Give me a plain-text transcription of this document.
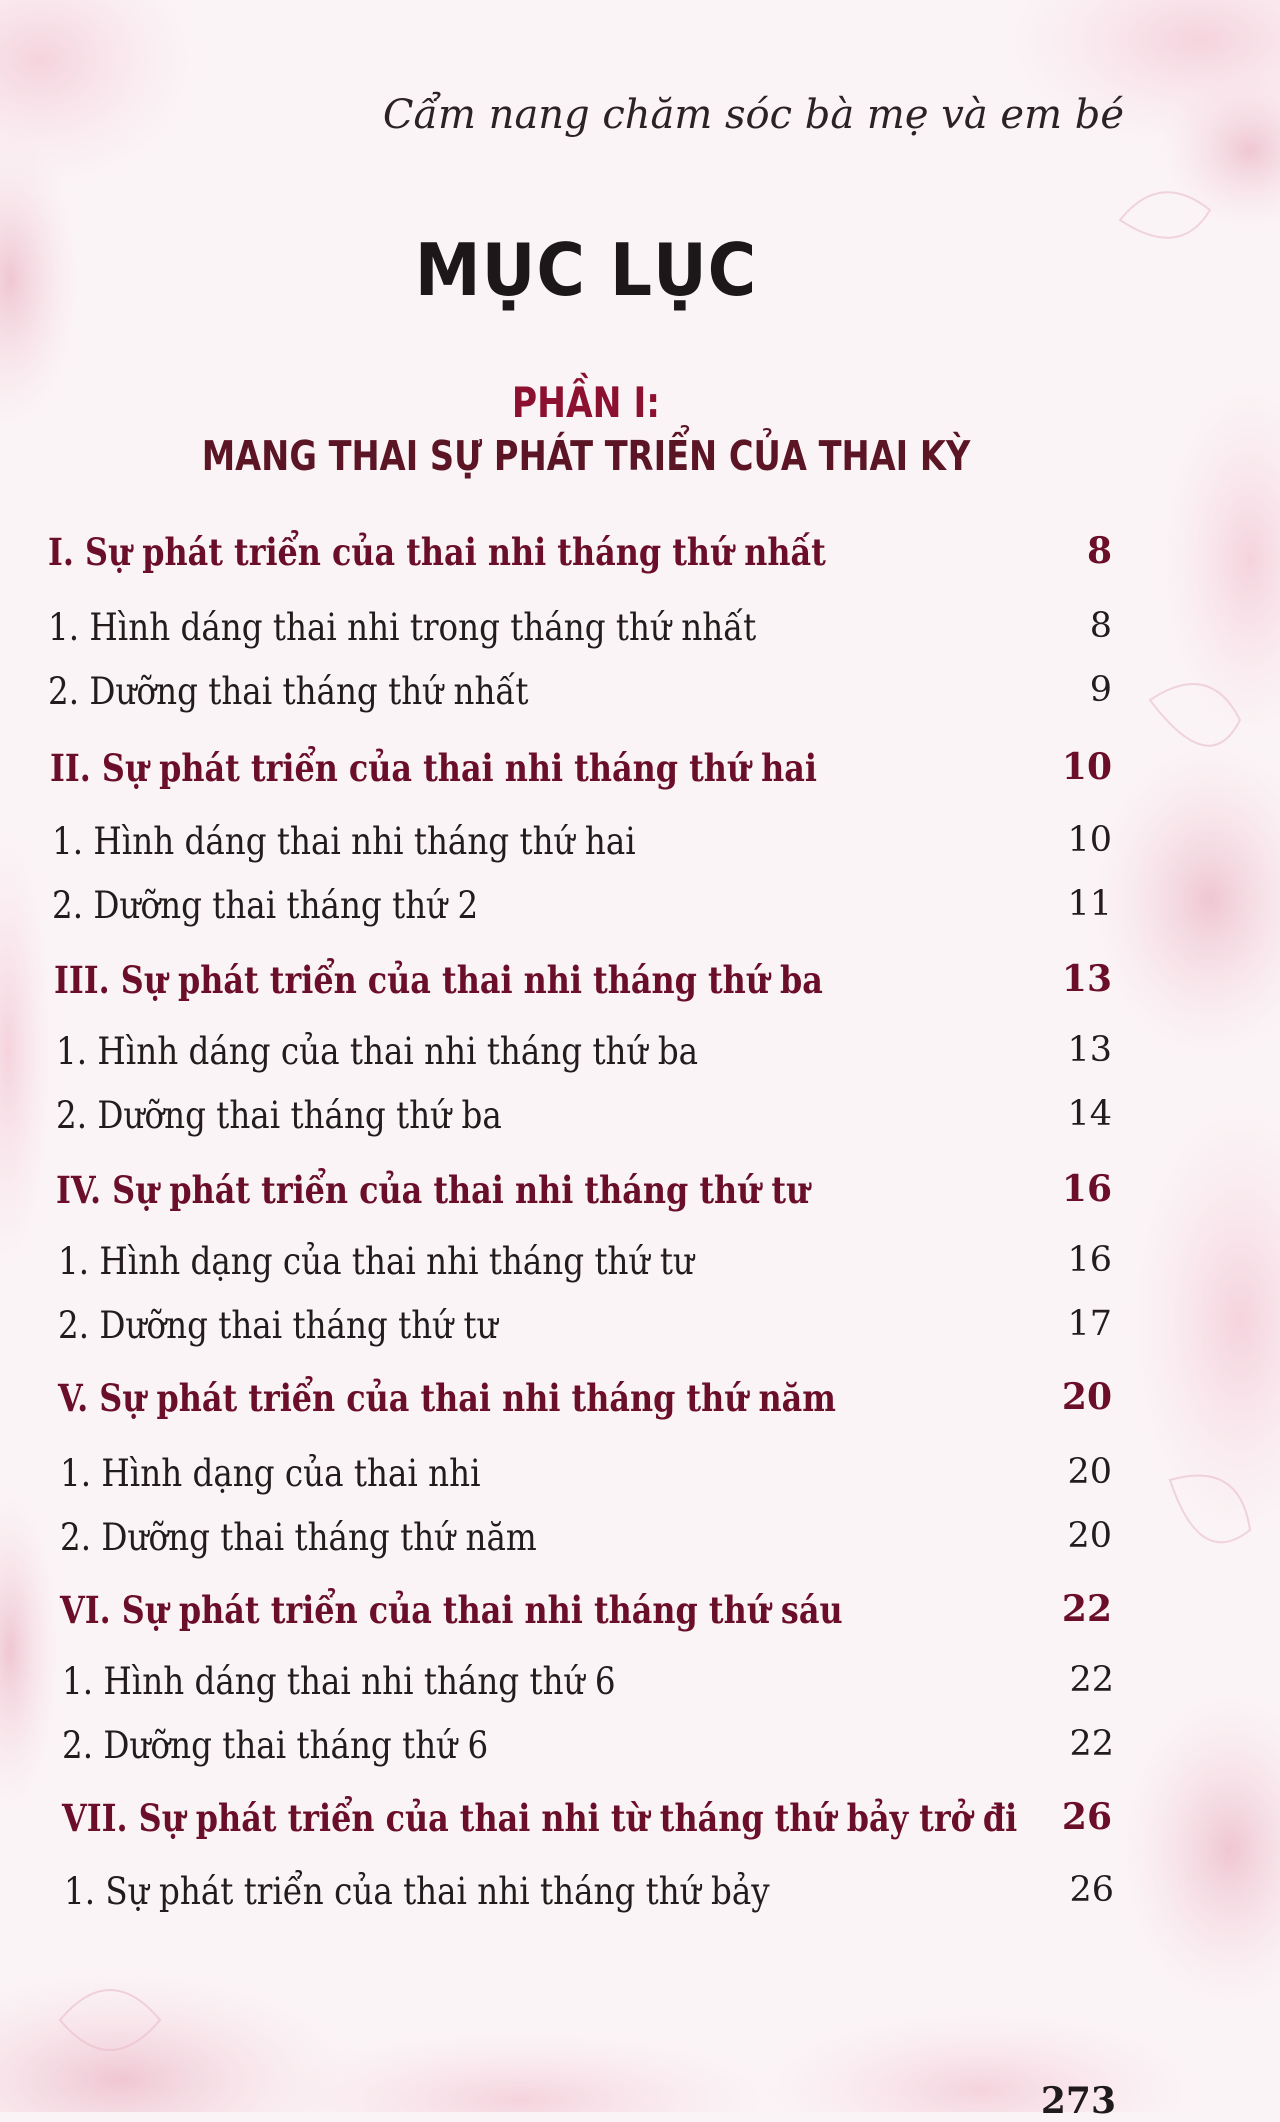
Cẩm nang chăm sóc bà mẹ và em bé
MỤC LỤC
PHẦN I:
MANG THAI SỰ PHÁT TRIỂN CỦA THAI KỲ
I. Sự phát triển của thai nhi tháng thứ nhất	8
1. Hình dáng thai nhi trong tháng thứ nhất	8
2. Dưỡng thai tháng thứ nhất	9
II. Sự phát triển của thai nhi tháng thứ hai	10
1. Hình dáng thai nhi tháng thứ hai	10
2. Dưỡng thai tháng thứ 2	11
III. Sự phát triển của thai nhi tháng thứ ba	13
1. Hình dáng của thai nhi tháng thứ ba	13
2. Dưỡng thai tháng thứ ba	14
IV. Sự phát triển của thai nhi tháng thứ tư	16
1. Hình dạng của thai nhi tháng thứ tư	16
2. Dưỡng thai tháng thứ tư	17
V. Sự phát triển của thai nhi tháng thứ năm	20
1. Hình dạng của thai nhi	20
2. Dưỡng thai tháng thứ năm	20
VI. Sự phát triển của thai nhi tháng thứ sáu	22
1. Hình dáng thai nhi tháng thứ 6	22
2. Dưỡng thai tháng thứ 6	22
VII. Sự phát triển của thai nhi từ tháng thứ bảy trở đi 26
1. Sự phát triển của thai nhi tháng thứ bảy	26
273
